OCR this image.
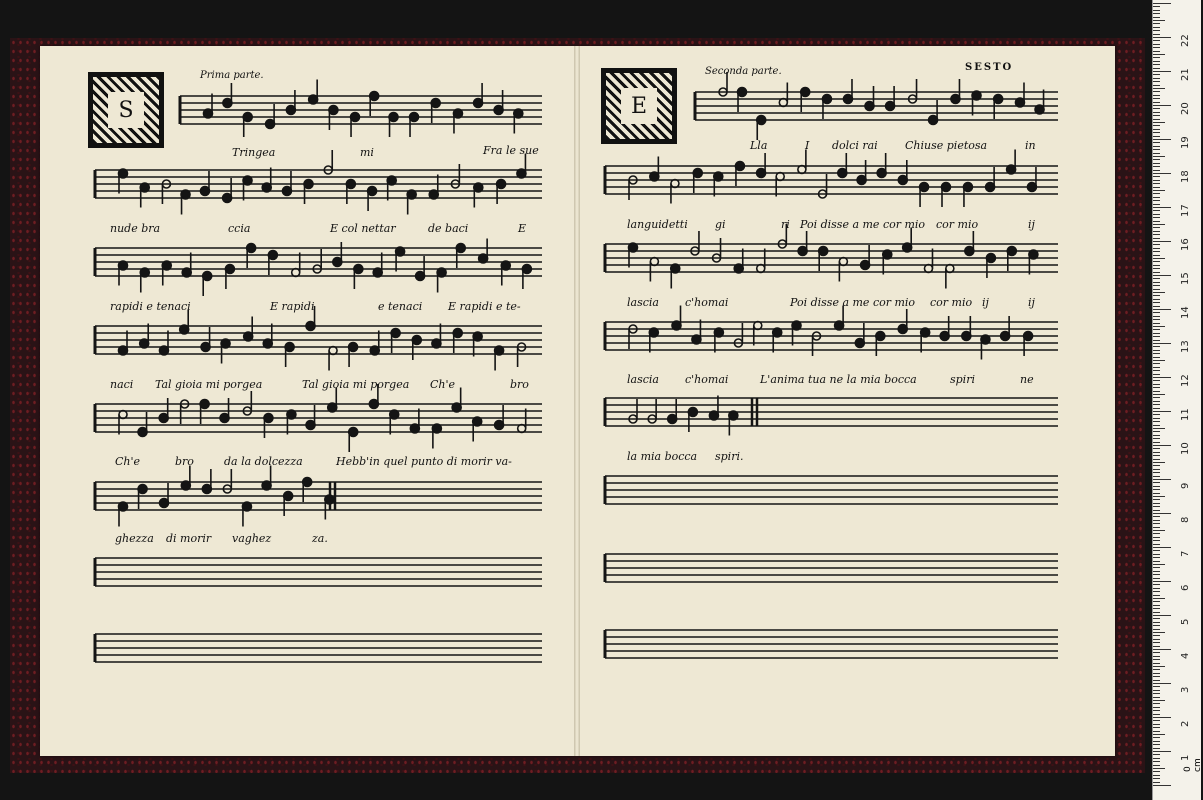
S	E
Prima parte.	Seconda parte.	SESTO
Tringea	mi	Fra le sue
nude bra	ccia	E col nettar	de baci	E
rapidi e tenaci	E rapidi	e tenaci E rapidi e te-
naci Tal gioia mi porgea	Tal gioia mi porgea Ch'e	bro
Ch'e	bro	da la dolcezza	Hebb'in quel punto di morir va-
ghezza di morir vaghez	za.
Lla	I dolci rai Chiuse pietosa	in
languidetti gi	ri Poi disse a me cor mio cor mio	ij
lascia c'homai	Poi disse a me cor mio cor mio ij	ij
lascia c'homai	L'anima tua ne la mia bocca	spiri	ne
la mia bocca spiri.
0 cm
22
21
20
19
18
17
16
15
14
13
12
11
10
9
8
7
6
5
4
3
2
1
